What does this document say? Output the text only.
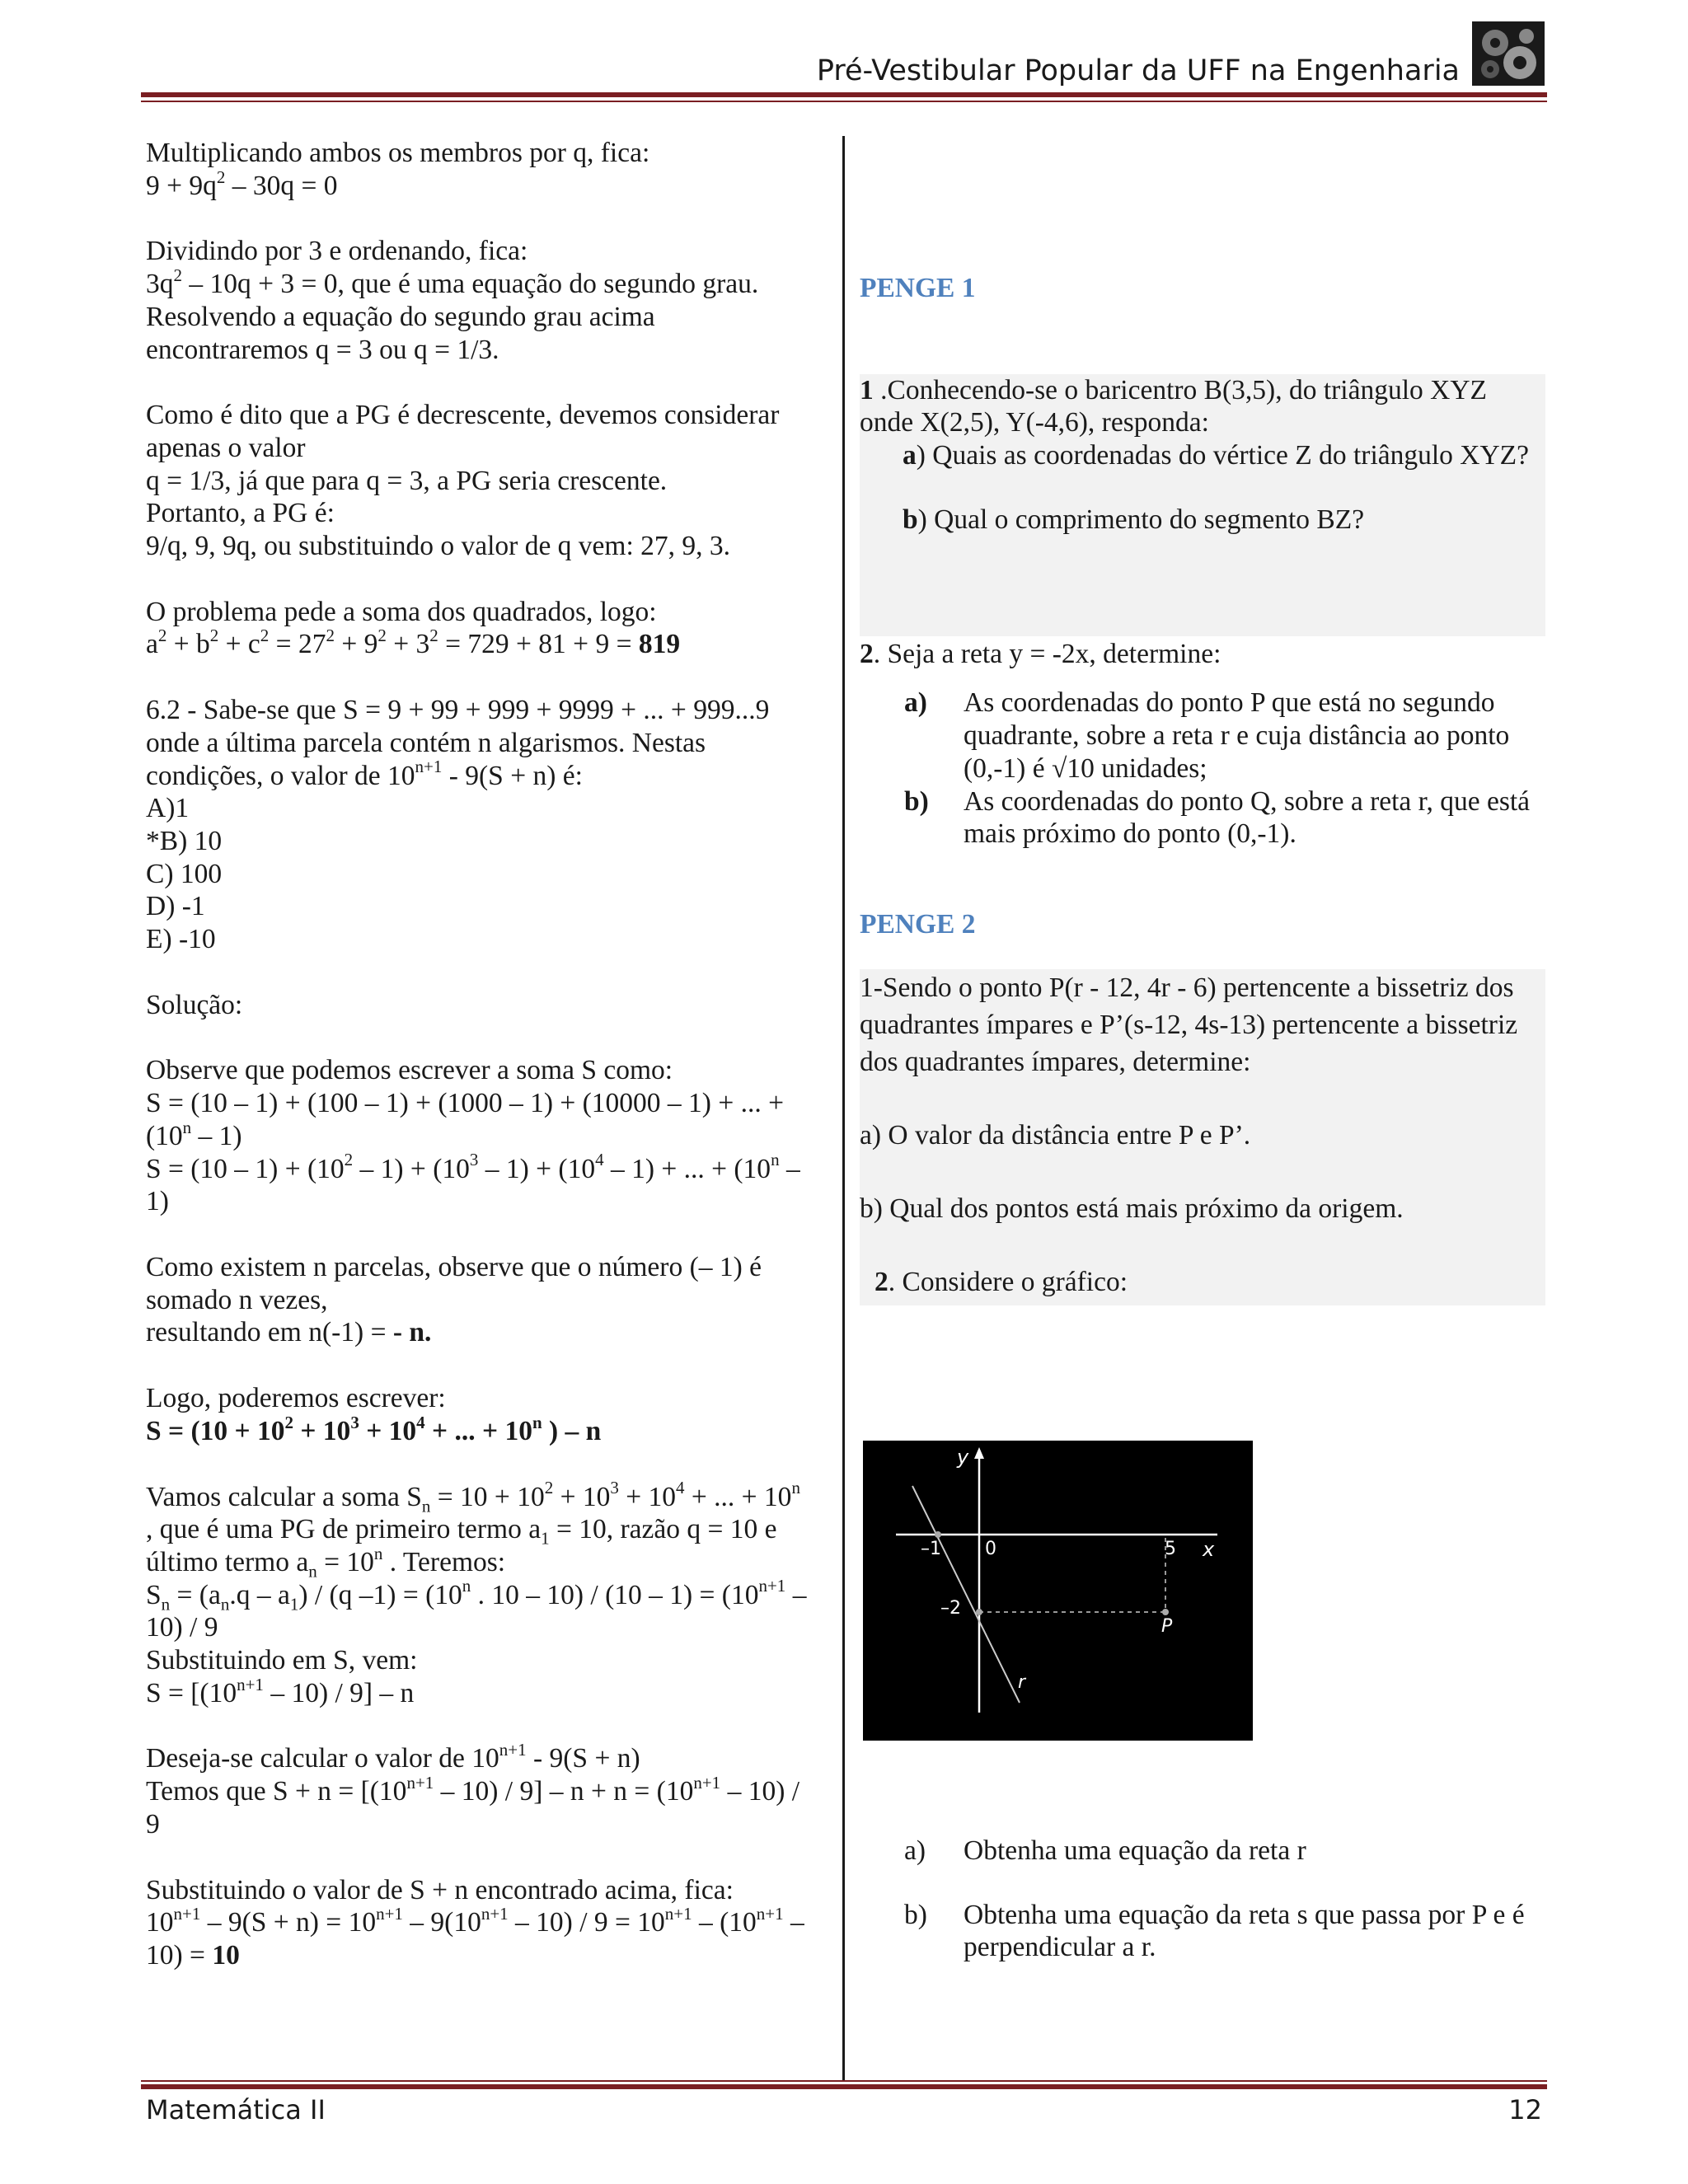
Pré-Vestibular Popular da UFF na Engenharia

Multiplicando ambos os membros por q, fica:

$9 + 9q^2 - 30q = 0$

Dividindo por 3 e ordenando, fica:

$3q^2 - 10q + 3 = 0$, que é uma equação do segundo grau.

Resolvendo a equação do segundo grau acima

encontraremos q = 3 ou q = 1/3.

Como é dito que a PG é decrescente, devemos considerar

apenas o valor

q = 1/3, já que para q = 3, a PG seria crescente.

Portanto, a PG é:

9/q, 9, 9q, ou substituindo o valor de q vem: 27, 9, 3.

O problema pede a soma dos quadrados, logo:

$a^2 + b^2 + c^2 = 27^2 + 9^2 + 3^2 = 729 + 81 + 9 = 819$

6.2 - Sabe-se que S = 9 + 99 + 999 + 9999 + ... + 999...9

onde a última parcela contém n algarismos. Nestas

condições, o valor de $10^{n+1} - 9(S + n)$ é:

A)1

*B) 10

C) 100

D) -1

E) -10

Solução:

Observe que podemos escrever a soma S como:

S = (10 – 1) + (100 – 1) + (1000 – 1) + (10000 – 1) + ... +

(10$^n$ – 1)

$S = (10 - 1) + (10^2 - 1) + (10^3 - 1) + (10^4 - 1)$ + ... + ($10^n$ –

1)

Como existem n parcelas, observe que o número (– 1) é

somado n vezes,

resultando em n(-1) = - n.

Logo, poderemos escrever:

$S = (10 + 10^2 + 10^3 + 10^4$ + ... + $10^n$ ) – n

Vamos calcular a soma $S_n = 10 + 10^2 + 10^3 + 10^4$ + ... + $10^n$

, que é uma PG de primeiro termo $a_1 = 10$, razão q = 10 e

último termo $a_n = 10^n$ . Teremos:

$S_n = (a_n.q - a_1) / (q$ $-1) = (10^n$ . $10 - 10) / (10 - 1) = (10^{n+1}$ –

10) / 9

Substituindo em S, vem:

$S = [(10^{n+1} - 10) / 9] - n$

Deseja-se calcular o valor de $10^{n+1} - 9(S + n)$

Temos que $S + n = [(10^{n+1} - 10) / 9] - n + n = (10^{n+1} - 10)$ /

9

Substituindo o valor de S + n encontrado acima, fica:

$10^{n+1} - 9(S + n) = 10^{n+1} - 9(10^{n+1} - 10) / 9 = 10^{n+1} - (10^{n+1}$ –

10) = 10

PENGE 1

1 .Conhecendo-se o baricentro B(3,5), do triângulo XYZ onde X(2,5), Y(-4,6), responda:

a) Quais as coordenadas do vértice Z do triângulo XYZ?

b) Qual o comprimento do segmento BZ?

2. Seja a reta y = -2x, determine:

a)	As coordenadas do ponto P que está no segundo quadrante, sobre a reta r e cuja distância ao ponto (0,-1) é √10 unidades;
b)	As coordenadas do ponto Q, sobre a reta r, que está mais próximo do ponto (0,-1).

PENGE 2

1-Sendo o ponto P(r - 12, 4r - 6) pertencente a bissetriz dos quadrantes ímpares e P’(s-12, 4s-13) pertencente a bissetriz dos quadrantes ímpares, determine:

a) O valor da distância entre P e P’.

b) Qual dos pontos está mais próximo da origem.

2. Considere o gráfico:

y
x
0
–1	5
–2
P
r
a)	Obtenha uma equação da reta r
b)	Obtenha uma equação da reta s que passa por P e é perpendicular a r.
Matemática II	12
